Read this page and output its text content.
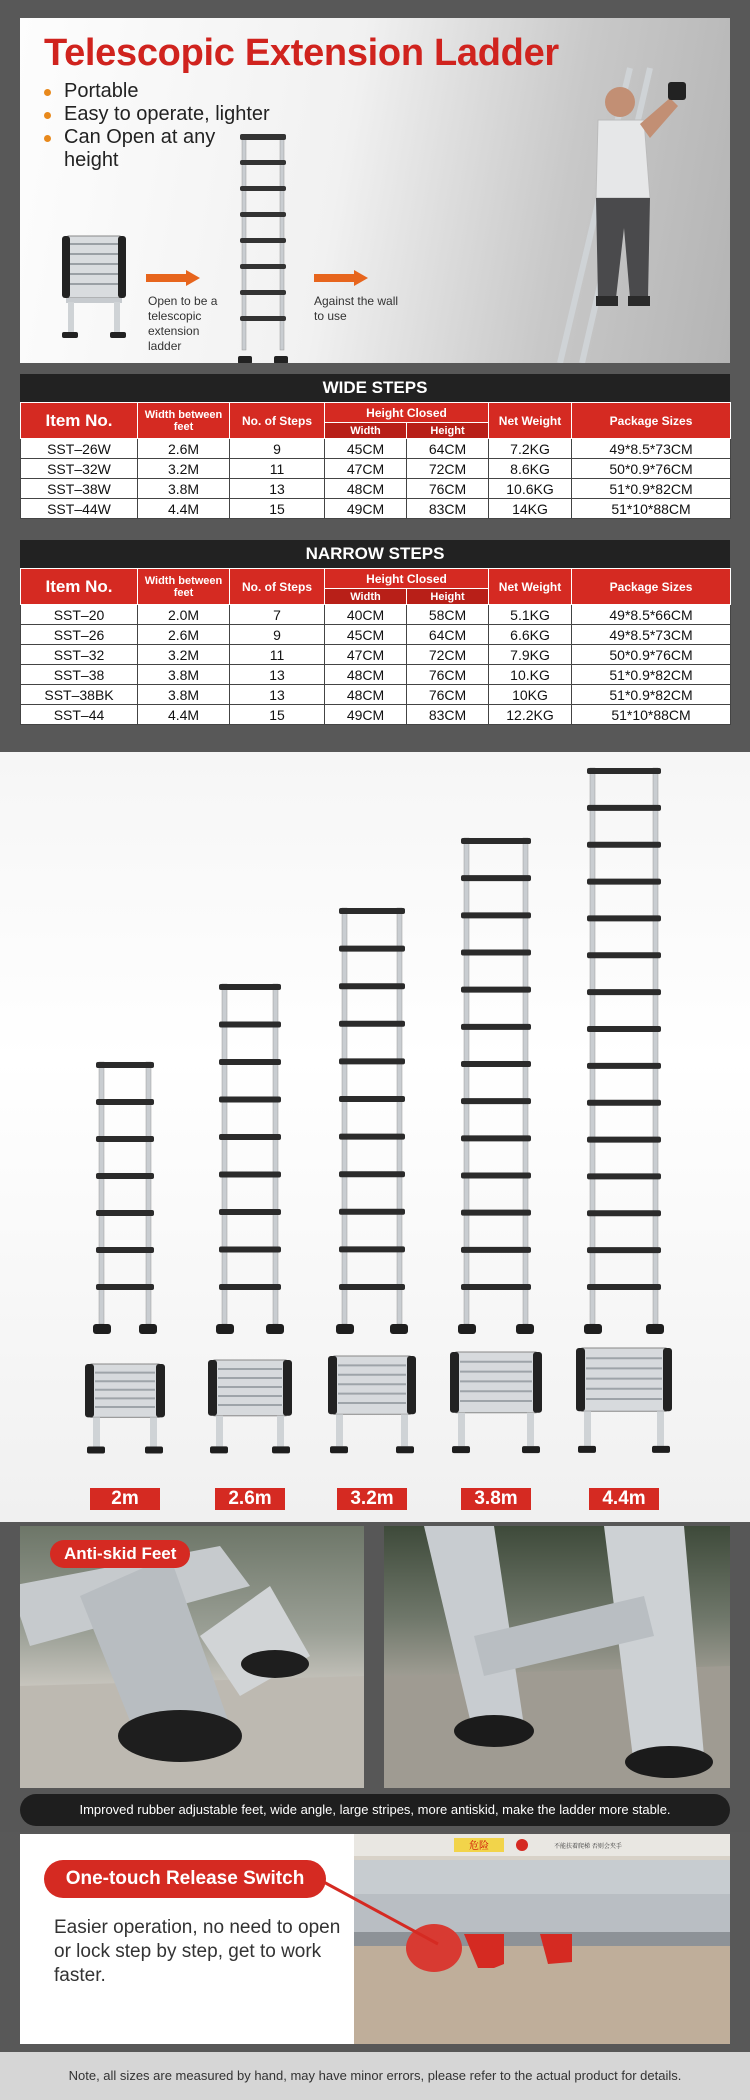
Telescopic Extension Ladder
Portable
Easy to operate, lighter
Can Open at any height
Open to be a telescopic extension ladder
Against the wall to use
WIDE STEPS
Item No.	Width between feet	No. of Steps	Height Closed		Net Weight	Package Sizes
			Width	Height		
SST–26W	2.6M	9	45CM	64CM	7.2KG	49*8.5*73CM
SST–32W	3.2M	11	47CM	72CM	8.6KG	50*0.9*76CM
SST–38W	3.8M	13	48CM	76CM	10.6KG	51*0.9*82CM
SST–44W	4.4M	15	49CM	83CM	14KG	51*10*88CM
NARROW STEPS
Item No.	Width between feet	No. of Steps	Height Closed		Net Weight	Package Sizes
			Width	Height		
SST–20	2.0M	7	40CM	58CM	5.1KG	49*8.5*66CM
SST–26	2.6M	9	45CM	64CM	6.6KG	49*8.5*73CM
SST–32	3.2M	11	47CM	72CM	7.9KG	50*0.9*76CM
SST–38	3.8M	13	48CM	76CM	10.KG	51*0.9*82CM
SST–38BK	3.8M	13	48CM	76CM	10KG	51*0.9*82CM
SST–44	4.4M	15	49CM	83CM	12.2KG	51*10*88CM
2m	2.6m	3.2m	3.8m	4.4m
Anti-skid Feet
Improved rubber adjustable feet, wide angle, large stripes, more antiskid, make the ladder more stable.
危险	不能扶着爬梯 否则会夹手
One-touch Release Switch
Easier operation, no need to open or lock step by step, get to work faster.
Note, all sizes are measured by hand, may have minor errors, please refer to the actual product for details.
